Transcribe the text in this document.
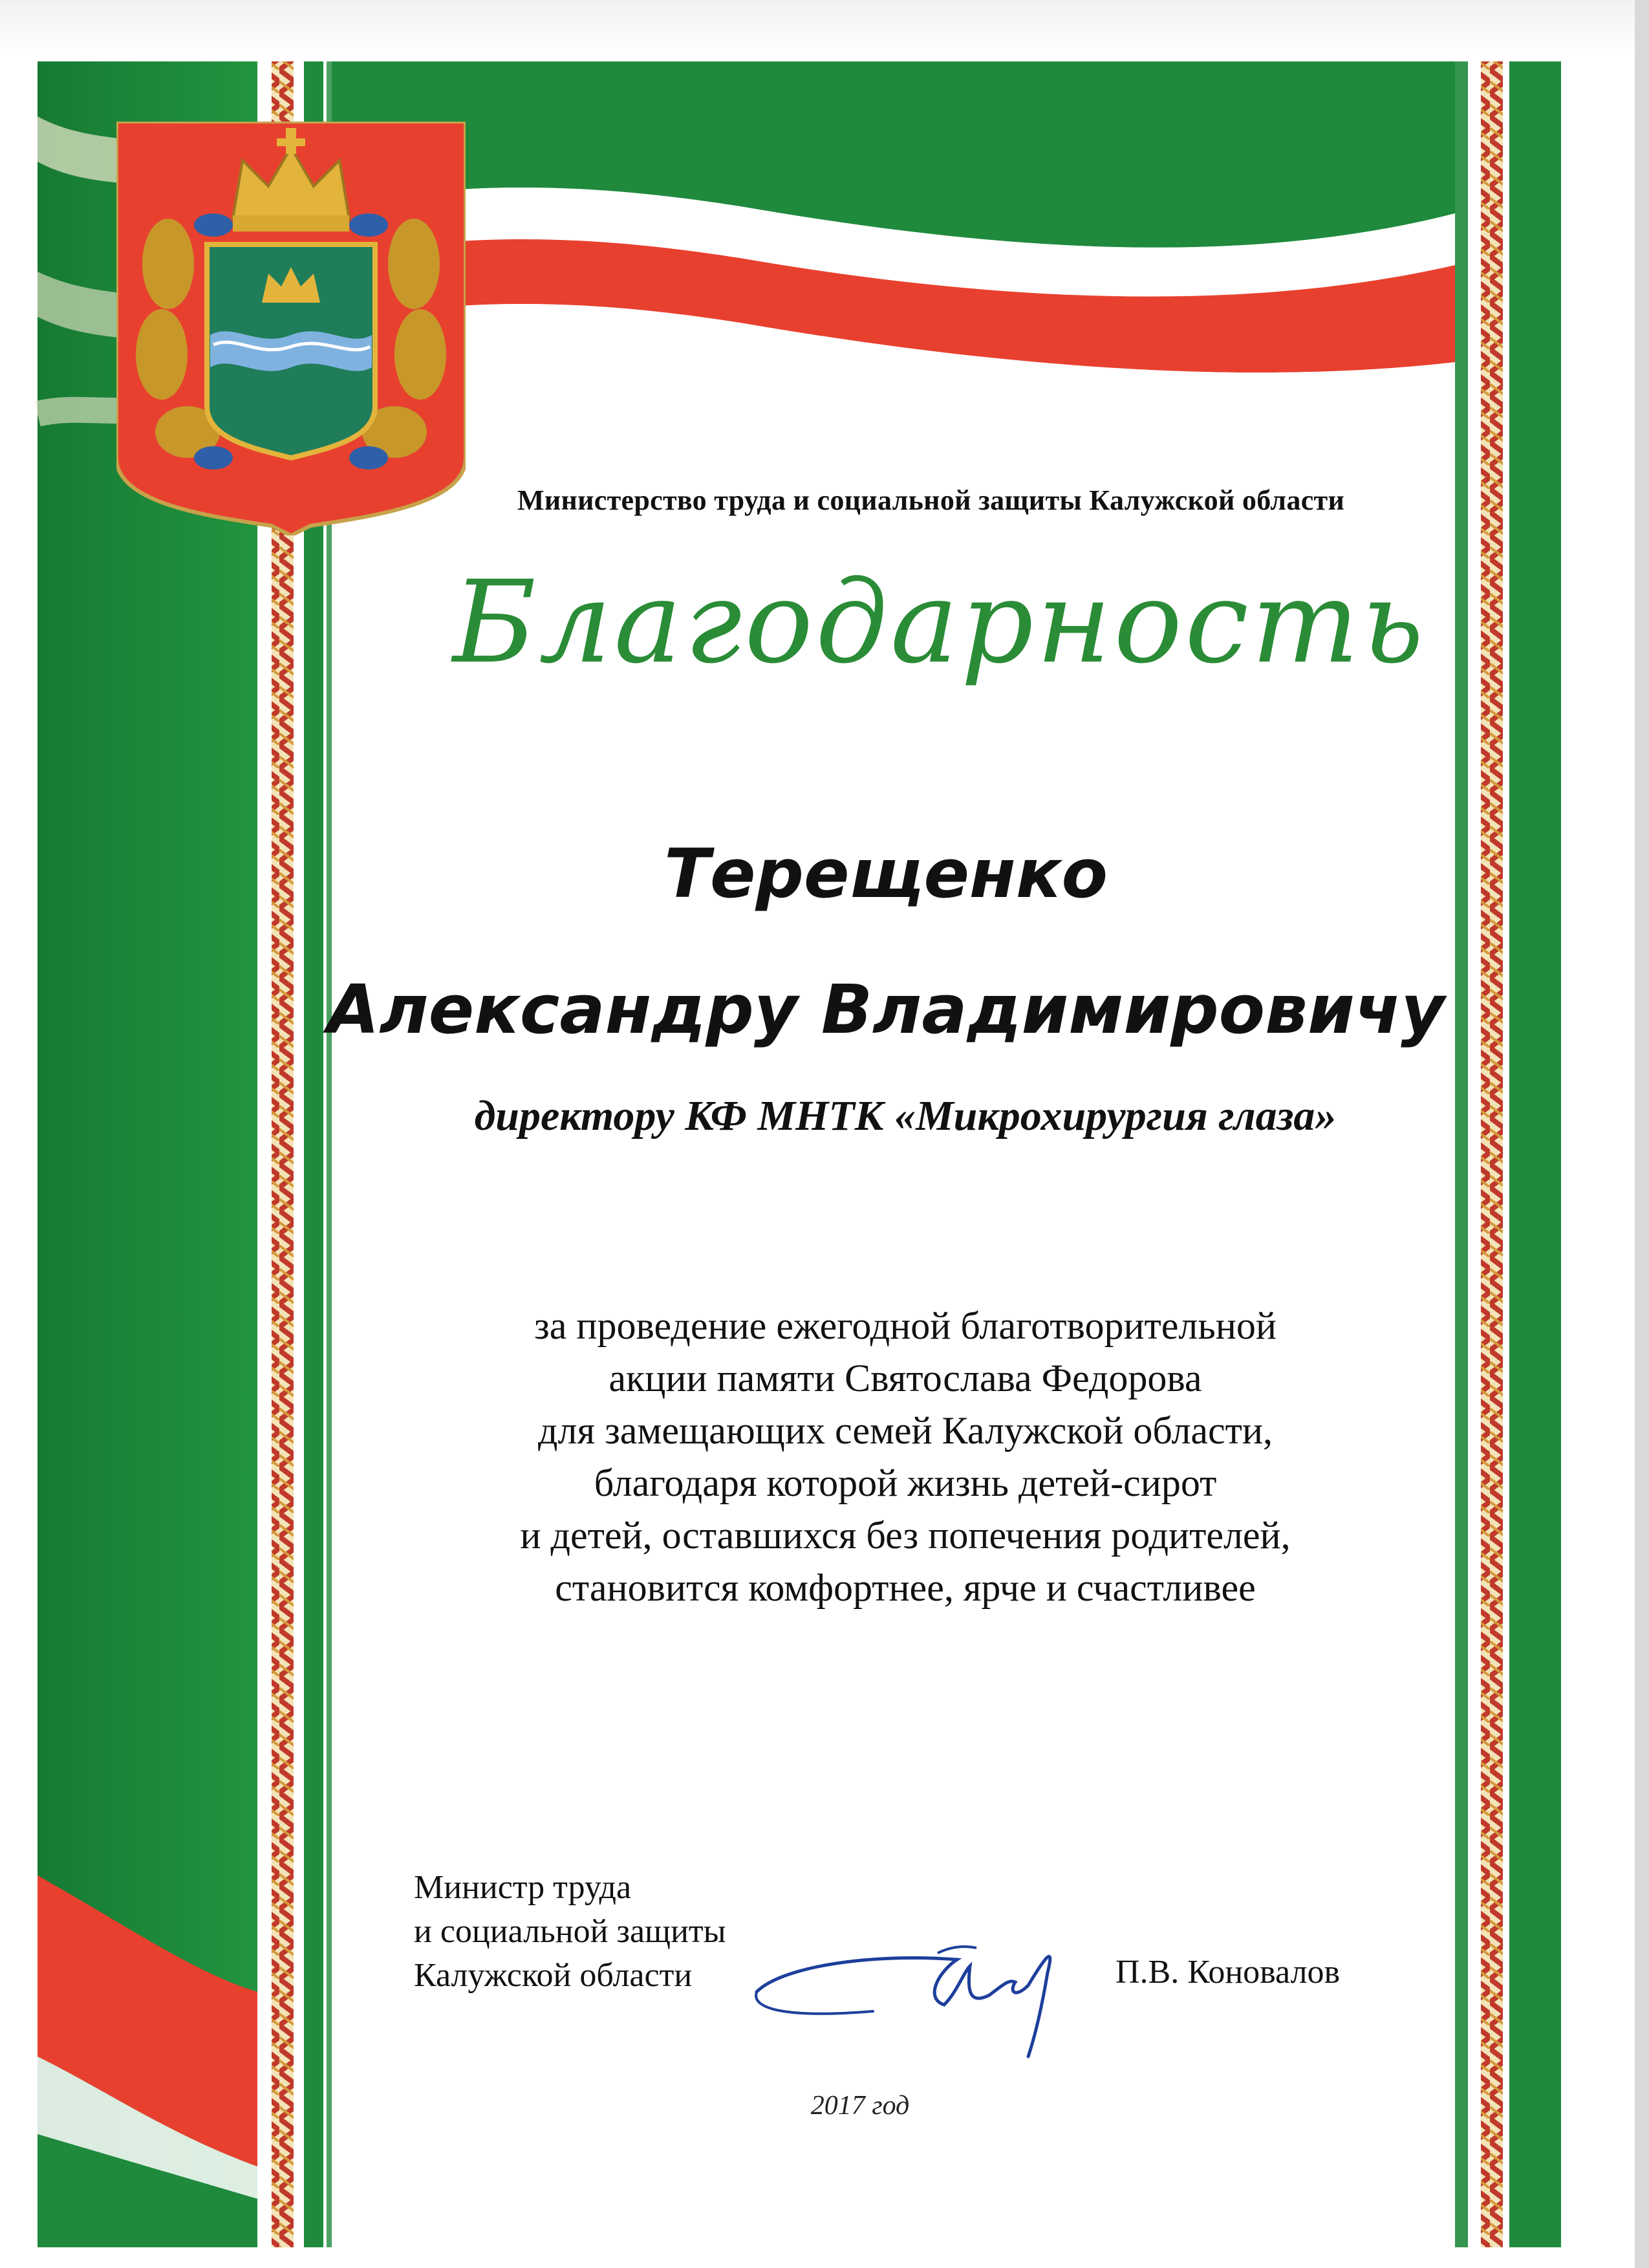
Министерство труда и социальной защиты Калужской области
Благодарность
Терещенко
Александру Владимировичу
директору КФ МНТК «Микрохирургия глаза»
за проведение ежегодной благотворительной
акции памяти Святослава Федорова
для замещающих семей Калужской области,
благодаря которой жизнь детей-сирот
и детей, оставшихся без попечения родителей,
становится комфортнее, ярче и счастливее
Министр труда
и социальной защиты
Калужской области	П.В. Коновалов
2017 год
